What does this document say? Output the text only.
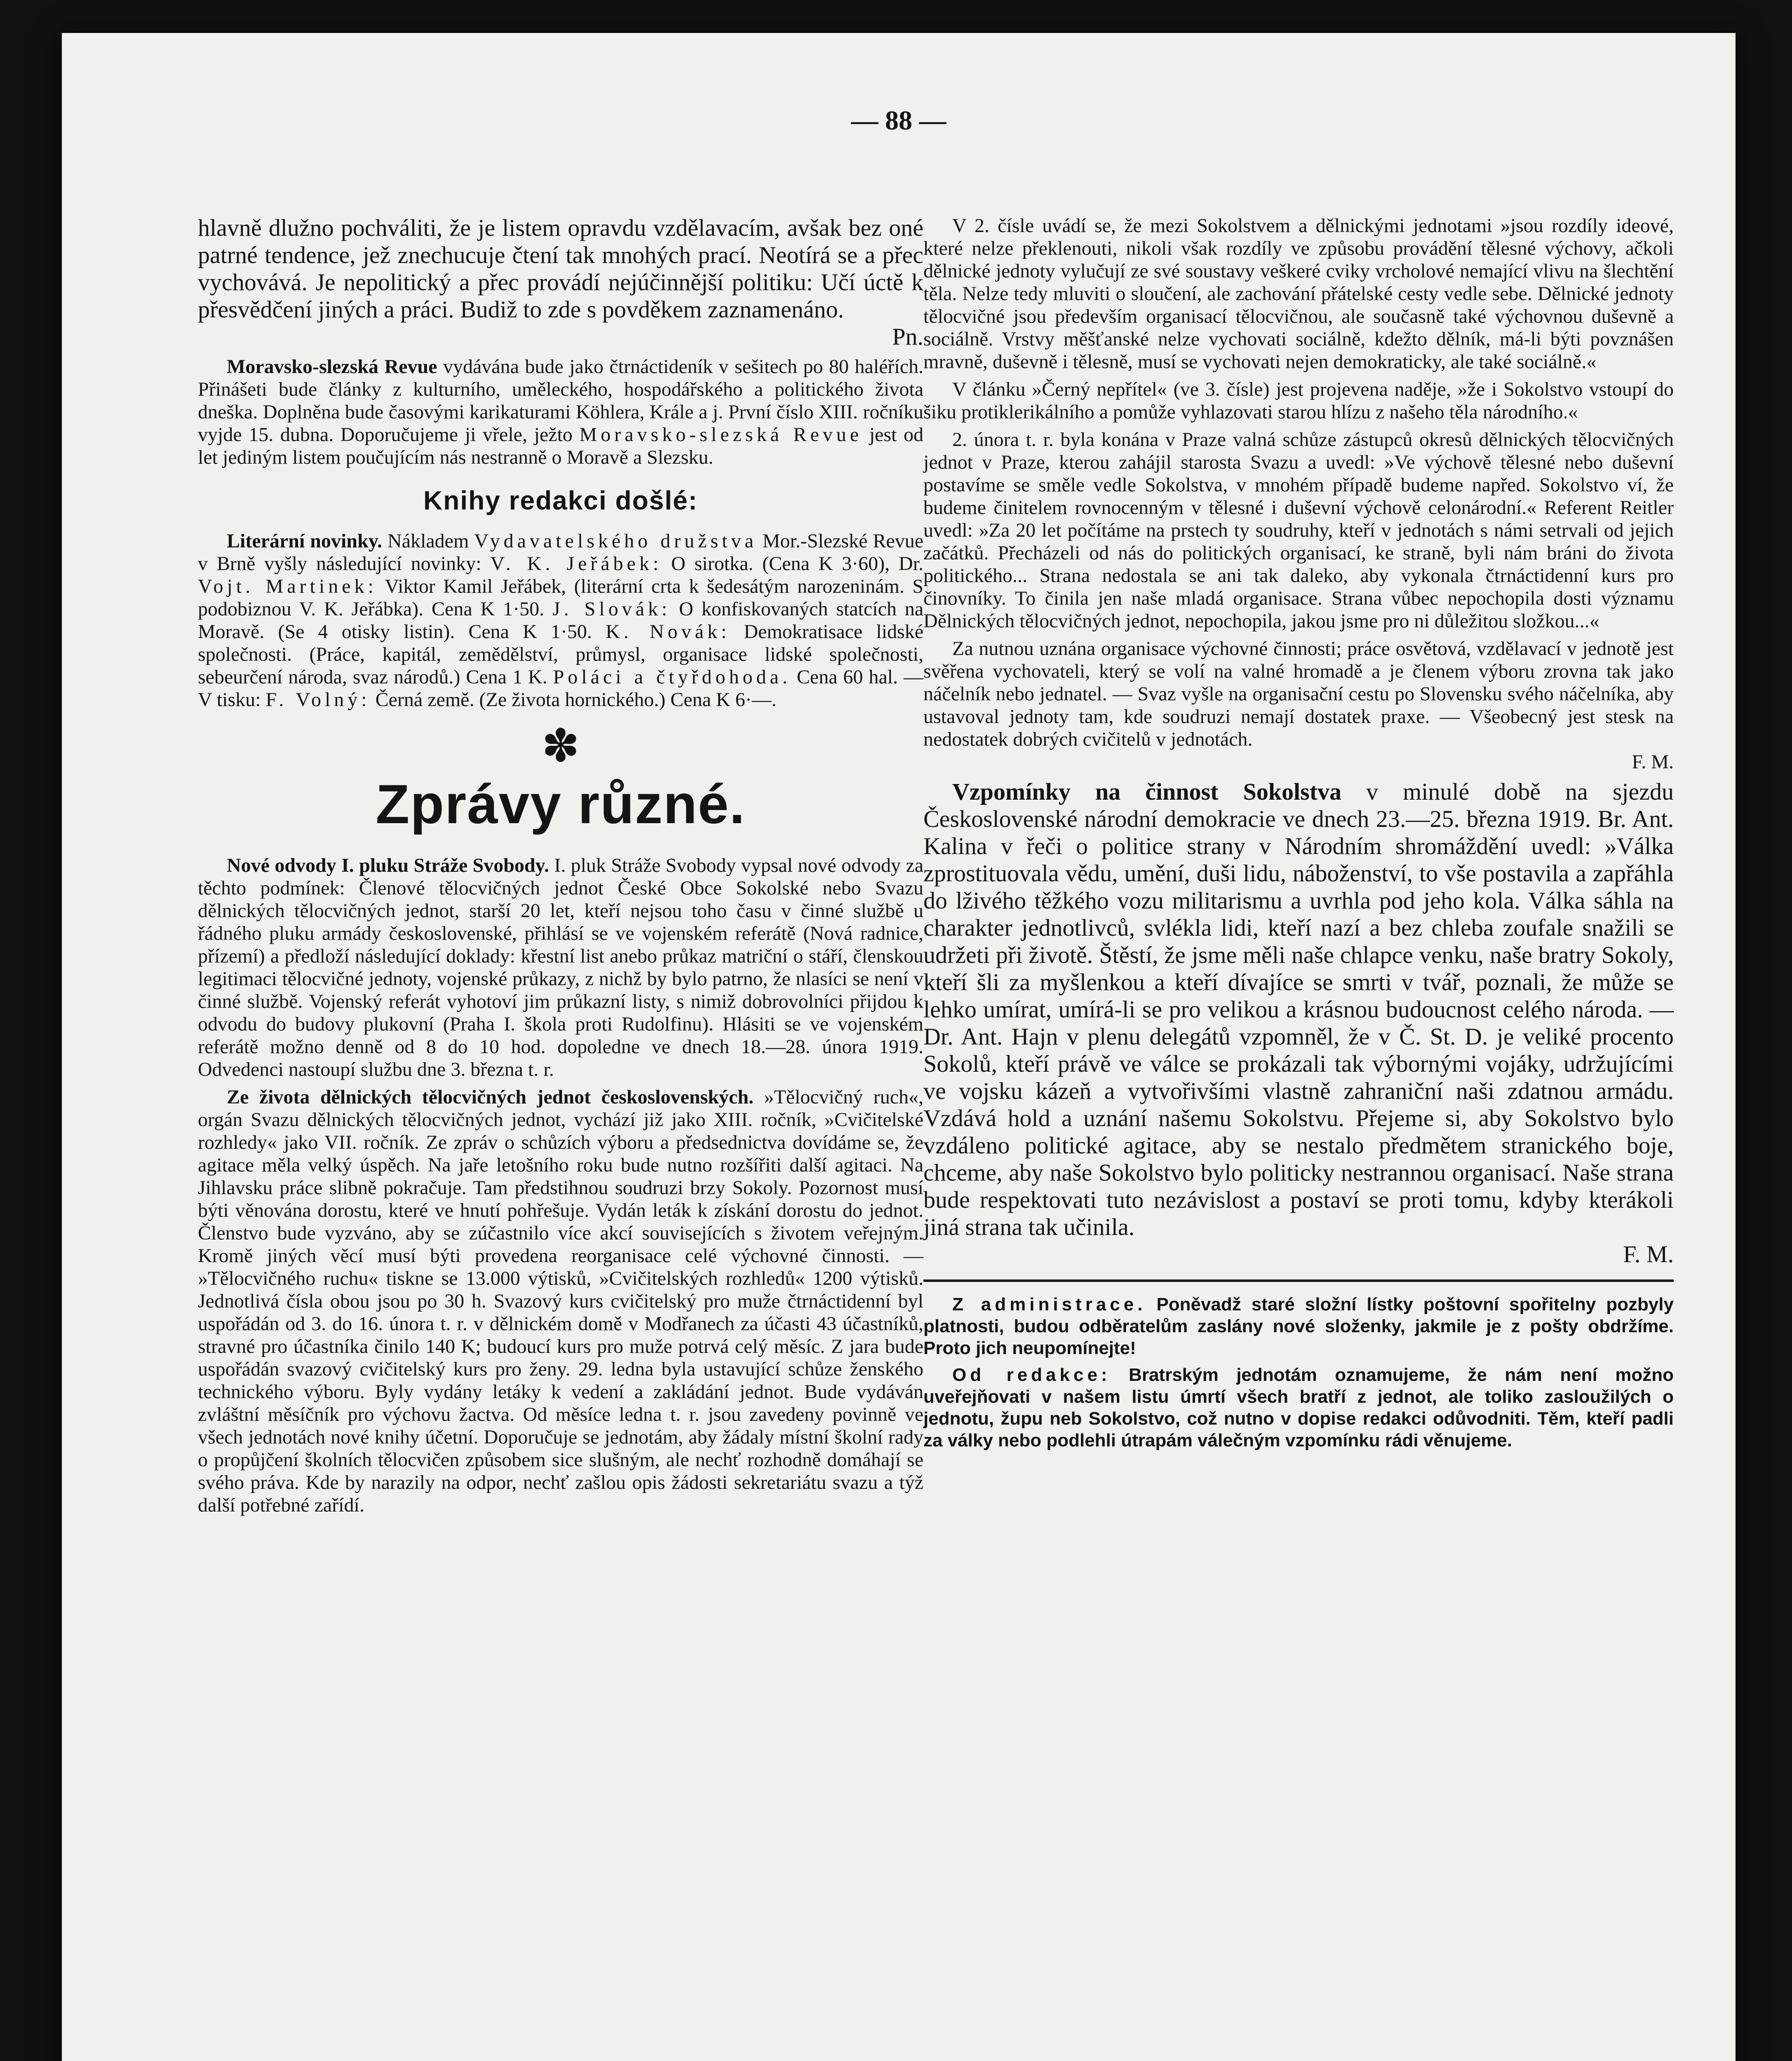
— 88 —

hlavně dlužno pochváliti, že je listem opravdu vzdělavacím, avšak bez oné patrné tendence, jež znechucuje čtení tak mnohých prací. Neotírá se a přec vychovává. Je nepolitický a přec provádí nejúčinnější politiku: Učí úctě k přesvědčení jiných a práci. Budiž to zde s povděkem zaznamenáno.
Pn.

Moravsko-slezská Revue vydávána bude jako čtrnáctideník v sešitech po 80 haléřích. Přinášeti bude články z kulturního, uměleckého, hospodářského a politického života dneška. Doplněna bude časovými karikaturami Köhlera, Krále a j. První číslo XIII. ročníku vyjde 15. dubna. Doporučujeme ji vřele, ježto Moravsko-slezská Revue jest od let jediným listem poučujícím nás nestranně o Moravě a Slezsku.

Knihy redakci došlé:

Literární novinky. Nákladem Vydavatelského družstva Mor.-Slezské Revue v Brně vyšly následující novinky: V. K. Jeřábek: O sirotka. (Cena K 3·60), Dr. Vojt. Martinek: Viktor Kamil Jeřábek, (literární crta k šedesátým narozeninám. S podobiznou V. K. Jeřábka). Cena K 1·50. J. Slovák: O konfiskovaných statcích na Moravě. (Se 4 otisky listin). Cena K 1·50. K. Novák: Demokratisace lidské společnosti. (Práce, kapitál, zemědělství, průmysl, organisace lidské společnosti, sebeurčení národa, svaz národů.) Cena 1 K. Poláci a čtyřdohoda. Cena 60 hal. — V tisku: F. Volný: Černá země. (Ze života hornického.) Cena K 6·—.

✽
Zprávy různé.

Nové odvody I. pluku Stráže Svobody. I. pluk Stráže Svobody vypsal nové odvody za těchto podmínek: Členové tělocvičných jednot České Obce Sokolské nebo Svazu dělnických tělocvičných jednot, starší 20 let, kteří nejsou toho času v činné službě u řádného pluku armády československé, přihlásí se ve vojenském referátě (Nová radnice, přízemí) a předloží následující doklady: křestní list anebo průkaz matriční o stáří, členskou legitimaci tělocvičné jednoty, vojenské průkazy, z nichž by bylo patrno, že nlasíci se není v činné službě. Vojenský referát vyhotoví jim průkazní listy, s nimiž dobrovolníci přijdou k odvodu do budovy plukovní (Praha I. škola proti Rudolfinu). Hlásiti se ve vojenském referátě možno denně od 8 do 10 hod. dopoledne ve dnech 18.—28. února 1919. Odvedenci nastoupí službu dne 3. března t. r.

Ze života dělnických tělocvičných jednot československých. »Tělocvičný ruch«, orgán Svazu dělnických tělocvičných jednot, vychází již jako XIII. ročník, »Cvičitelské rozhledy« jako VII. ročník. Ze zpráv o schůzích výboru a předsednictva dovídáme se, že agitace měla velký úspěch. Na jaře letošního roku bude nutno rozšířiti další agitaci. Na Jihlavsku práce slibně pokračuje. Tam předstihnou soudruzi brzy Sokoly. Pozornost musí býti věnována dorostu, které ve hnutí pohřešuje. Vydán leták k získání dorostu do jednot. Členstvo bude vyzváno, aby se zúčastnilo více akcí souvisejících s životem veřejným. Kromě jiných věcí musí býti provedena reorganisace celé výchovné činnosti. — »Tělocvičného ruchu« tiskne se 13.000 výtisků, »Cvičitelských rozhledů« 1200 výtisků. Jednotlivá čísla obou jsou po 30 h. Svazový kurs cvičitelský pro muže čtrnáctidenní byl uspořádán od 3. do 16. února t. r. v dělnickém domě v Modřanech za účasti 43 účastníků, stravné pro účastníka činilo 140 K; budoucí kurs pro muže potrvá celý měsíc. Z jara bude uspořádán svazový cvičitelský kurs pro ženy. 29. ledna byla ustavující schůze ženského technického výboru. Byly vydány letáky k vedení a zakládání jednot. Bude vydáván zvláštní měsíčník pro výchovu žactva. Od měsíce ledna t. r. jsou zavedeny povinně ve všech jednotách nové knihy účetní. Doporučuje se jednotám, aby žádaly místní školní rady o propůjčení školních tělocvičen způsobem sice slušným, ale nechť rozhodně domáhají se svého práva. Kde by narazily na odpor, nechť zašlou opis žádosti sekretariátu svazu a týž další potřebné zařídí.

V 2. čísle uvádí se, že mezi Sokolstvem a dělnickými jednotami »jsou rozdíly ideové, které nelze překlenouti, nikoli však rozdíly ve způsobu provádění tělesné výchovy, ačkoli dělnické jednoty vylučují ze své soustavy veškeré cviky vrcholové nemající vlivu na šlechtění těla. Nelze tedy mluviti o sloučení, ale zachování přátelské cesty vedle sebe. Dělnické jednoty tělocvičné jsou především organisací tělocvičnou, ale současně také výchovnou duševně a sociálně. Vrstvy měšťanské nelze vychovati sociálně, kdežto dělník, má-li býti povznášen mravně, duševně i tělesně, musí se vychovati nejen demokraticky, ale také sociálně.«

V článku »Černý nepřítel« (ve 3. čísle) jest projevena naděje, »že i Sokolstvo vstoupí do šiku protiklerikálního a pomůže vyhlazovati starou hlízu z našeho těla národního.«

2. února t. r. byla konána v Praze valná schůze zástupců okresů dělnických tělocvičných jednot v Praze, kterou zahájil starosta Svazu a uvedl: »Ve výchově tělesné nebo duševní postavíme se směle vedle Sokolstva, v mnohém případě budeme napřed. Sokolstvo ví, že budeme činitelem rovnocenným v tělesné i duševní výchově celonárodní.« Referent Reitler uvedl: »Za 20 let počítáme na prstech ty soudruhy, kteří v jednotách s námi setrvali od jejich začátků. Přecházeli od nás do politických organisací, ke straně, byli nám bráni do života politického... Strana nedostala se ani tak daleko, aby vykonala čtrnáctidenní kurs pro činovníky. To činila jen naše mladá organisace. Strana vůbec nepochopila dosti významu Dělnických tělocvičných jednot, nepochopila, jakou jsme pro ni důležitou složkou...«

Za nutnou uznána organisace výchovné činnosti; práce osvětová, vzdělavací v jednotě jest svěřena vychovateli, který se volí na valné hromadě a je členem výboru zrovna tak jako náčelník nebo jednatel. — Svaz vyšle na organisační cestu po Slovensku svého náčelníka, aby ustavoval jednoty tam, kde soudruzi nemají dostatek praxe. — Všeobecný jest stesk na nedostatek dobrých cvičitelů v jednotách.
F. M.

Vzpomínky na činnost Sokolstva v minulé době na sjezdu Československé národní demokracie ve dnech 23.—25. března 1919. Br. Ant. Kalina v řeči o politice strany v Národním shromáždění uvedl: »Válka zprostituovala vědu, umění, duši lidu, náboženství, to vše postavila a zapřáhla do lživého těžkého vozu militarismu a uvrhla pod jeho kola. Válka sáhla na charakter jednotlivců, svlékla lidi, kteří nazí a bez chleba zoufale snažili se udržeti při životě. Štěstí, že jsme měli naše chlapce venku, naše bratry Sokoly, kteří šli za myšlenkou a kteří dívajíce se smrti v tvář, poznali, že může se lehko umírat, umírá-li se pro velikou a krásnou budoucnost celého národa. — Dr. Ant. Hajn v plenu delegátů vzpomněl, že v Č. St. D. je veliké procento Sokolů, kteří právě ve válce se prokázali tak výbornými vojáky, udržujícími ve vojsku kázeň a vytvořivšími vlastně zahraniční naši zdatnou armádu. Vzdává hold a uznání našemu Sokolstvu. Přejeme si, aby Sokolstvo bylo vzdáleno politické agitace, aby se nestalo předmětem stranického boje, chceme, aby naše Sokolstvo bylo politicky nestrannou organisací. Naše strana bude respektovati tuto nezávislost a postaví se proti tomu, kdyby kterákoli jiná strana tak učinila.
F. M.

Z administrace. Poněvadž staré složní lístky poštovní spořitelny pozbyly platnosti, budou odběratelům zaslány nové složenky, jakmile je z pošty obdržíme. Proto jich neupomínejte!

Od redakce: Bratrským jednotám oznamujeme, že nám není možno uveřejňovati v našem listu úmrtí všech bratří z jednot, ale toliko zasloužilých o jednotu, župu neb Sokolstvo, což nutno v dopise redakci odůvodniti. Těm, kteří padli za války nebo podlehli útrapám válečným vzpomínku rádi věnujeme.
